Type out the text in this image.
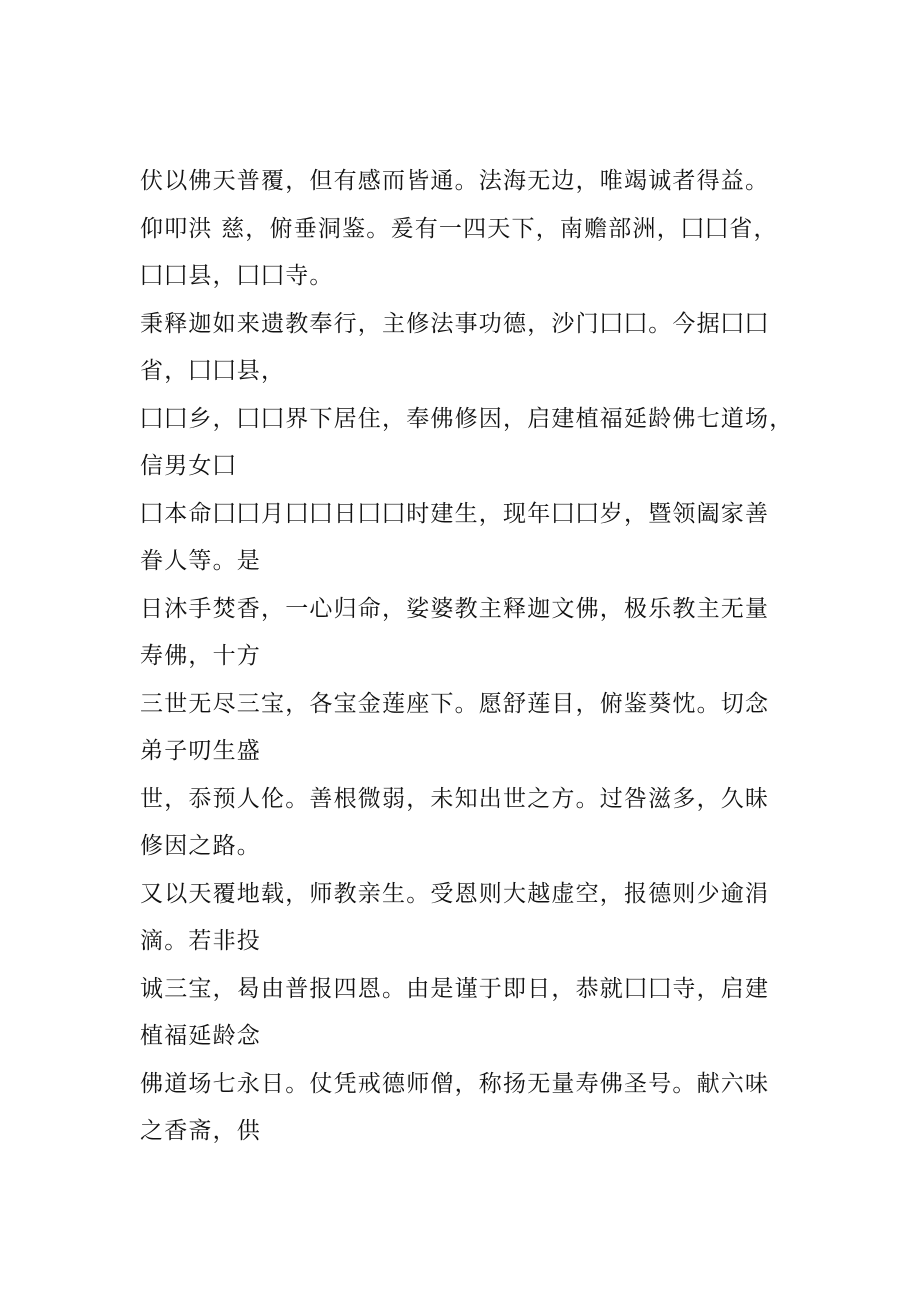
伏以佛天普覆，但有感而皆通。法海无边，唯竭诚者得益。
仰叩洪 慈，俯垂洞鉴。爰有一四天下，南赡部洲，囗囗省，
囗囗县，囗囗寺。
秉释迦如来遗教奉行，主修法事功德，沙门囗囗。今据囗囗
省，囗囗县，
囗囗乡，囗囗界下居住，奉佛修因，启建植福延龄佛七道场，
信男女囗
囗本命囗囗月囗囗日囗囗时建生，现年囗囗岁，暨领阖家善
眷人等。是
日沐手焚香，一心归命，娑婆教主释迦文佛，极乐教主无量
寿佛，十方
三世无尽三宝，各宝金莲座下。愿舒莲目，俯鉴葵忱。切念
弟子叨生盛
世，忝预人伦。善根微弱，未知出世之方。过咎滋多，久昧
修因之路。
又以天覆地载，师教亲生。受恩则大越虚空，报德则少逾涓
滴。若非投
诚三宝，曷由普报四恩。由是谨于即日，恭就囗囗寺，启建
植福延龄念
佛道场七永日。仗凭戒德师僧，称扬无量寿佛圣号。献六味
之香斋，供
